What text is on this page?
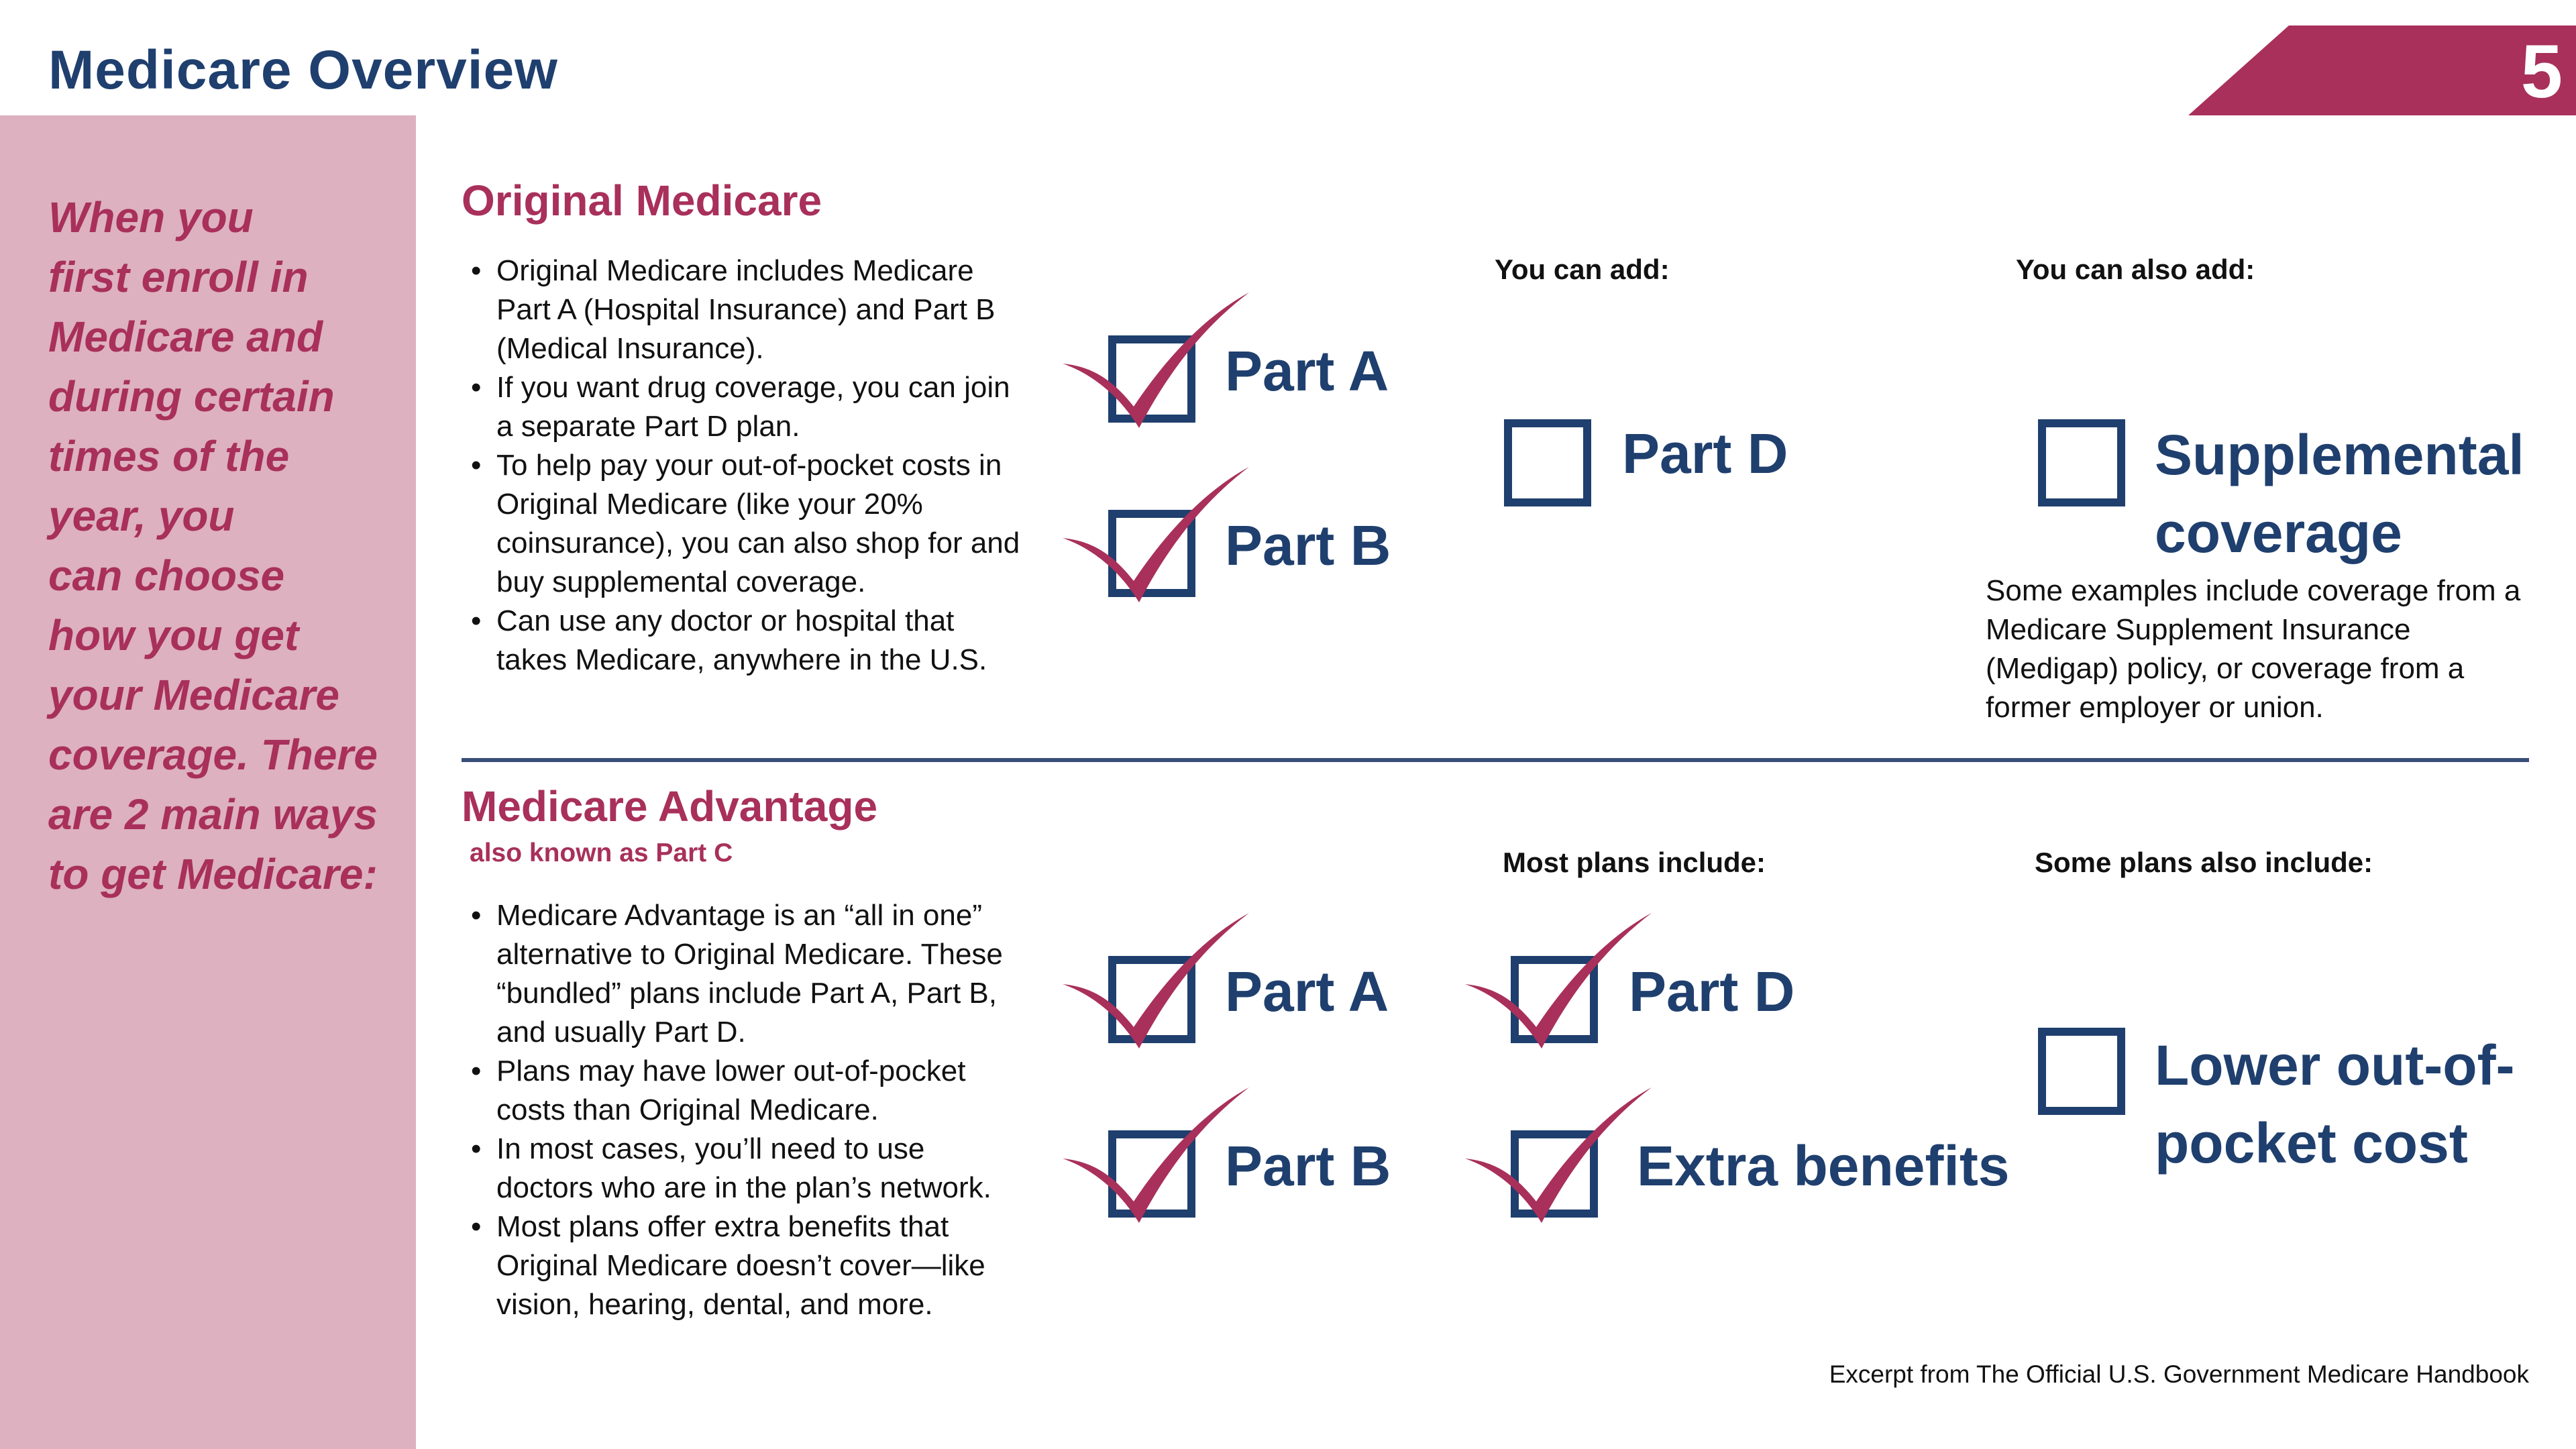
Medicare Overview	5
When you
first enroll in
Medicare and
during certain
times of the
year, you
can choose
how you get
your Medicare
coverage. There
are 2 main ways
to get Medicare:
Original Medicare
• Original Medicare includes Medicare Part A (Hospital Insurance) and Part B (Medical Insurance).
• If you want drug coverage, you can join a separate Part D plan.
• To help pay your out-of-pocket costs in Original Medicare (like your 20% coinsurance), you can also shop for and buy supplemental coverage.
• Can use any doctor or hospital that takes Medicare, anywhere in the U.S.
Part A
Part B
You can add:
Part D
You can also add:
Supplemental coverage
Some examples include coverage from a Medicare Supplement Insurance (Medigap) policy, or coverage from a former employer or union.
Medicare Advantage
also known as Part C
• Medicare Advantage is an “all in one” alternative to Original Medicare. These “bundled” plans include Part A, Part B, and usually Part D.
• Plans may have lower out-of-pocket costs than Original Medicare.
• In most cases, you’ll need to use doctors who are in the plan’s network.
• Most plans offer extra benefits that Original Medicare doesn’t cover—like vision, hearing, dental, and more.
Part A
Part B
Most plans include:
Part D
Extra benefits
Some plans also include:
Lower out-of-pocket cost
Excerpt from The Official U.S. Government Medicare Handbook
